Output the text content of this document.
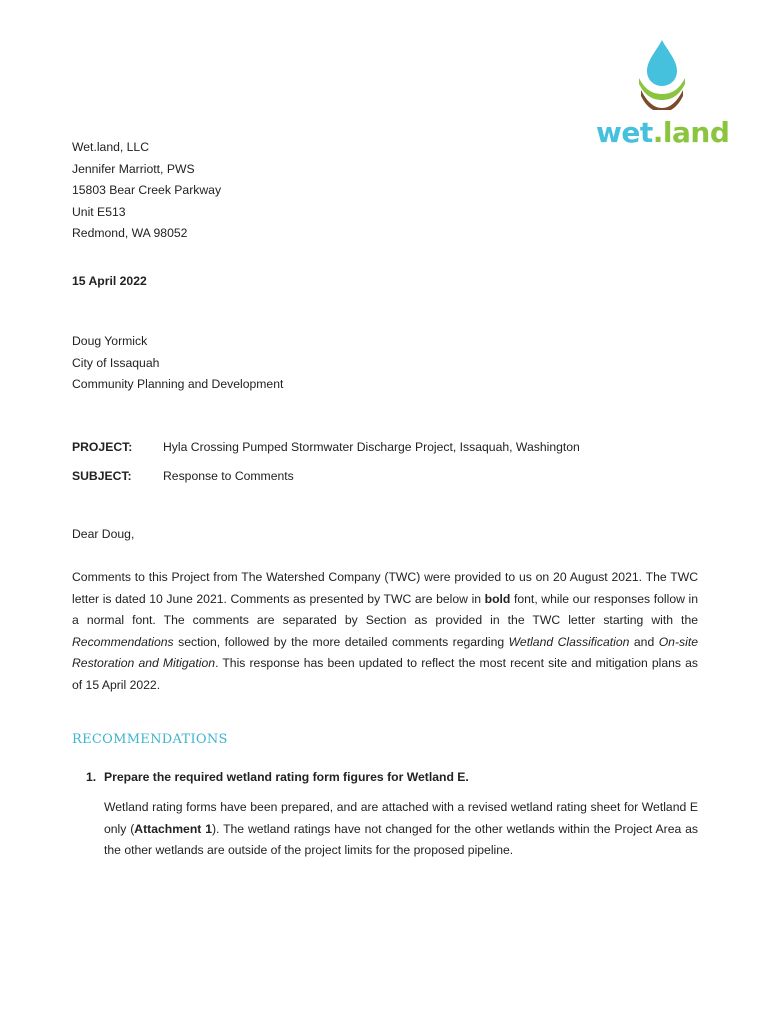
wet.land
Wet.land, LLC
Jennifer Marriott, PWS
15803 Bear Creek Parkway
Unit E513
Redmond, WA 98052
15 April 2022
Doug Yormick
City of Issaquah
Community Planning and Development
PROJECT:	Hyla Crossing Pumped Stormwater Discharge Project, Issaquah, Washington
SUBJECT:	Response to Comments
Dear Doug,
Comments to this Project from The Watershed Company (TWC) were provided to us on 20 August 2021. The TWC letter is dated 10 June 2021. Comments as presented by TWC are below in bold font, while our responses follow in a normal font. The comments are separated by Section as provided in the TWC letter starting with the Recommendations section, followed by the more detailed comments regarding Wetland Classification and On-site Restoration and Mitigation. This response has been updated to reflect the most recent site and mitigation plans as of 15 April 2022.
RECOMMENDATIONS
1. Prepare the required wetland rating form figures for Wetland E.
Wetland rating forms have been prepared, and are attached with a revised wetland rating sheet for Wetland E only (Attachment 1). The wetland ratings have not changed for the other wetlands within the Project Area as the other wetlands are outside of the project limits for the proposed pipeline.
